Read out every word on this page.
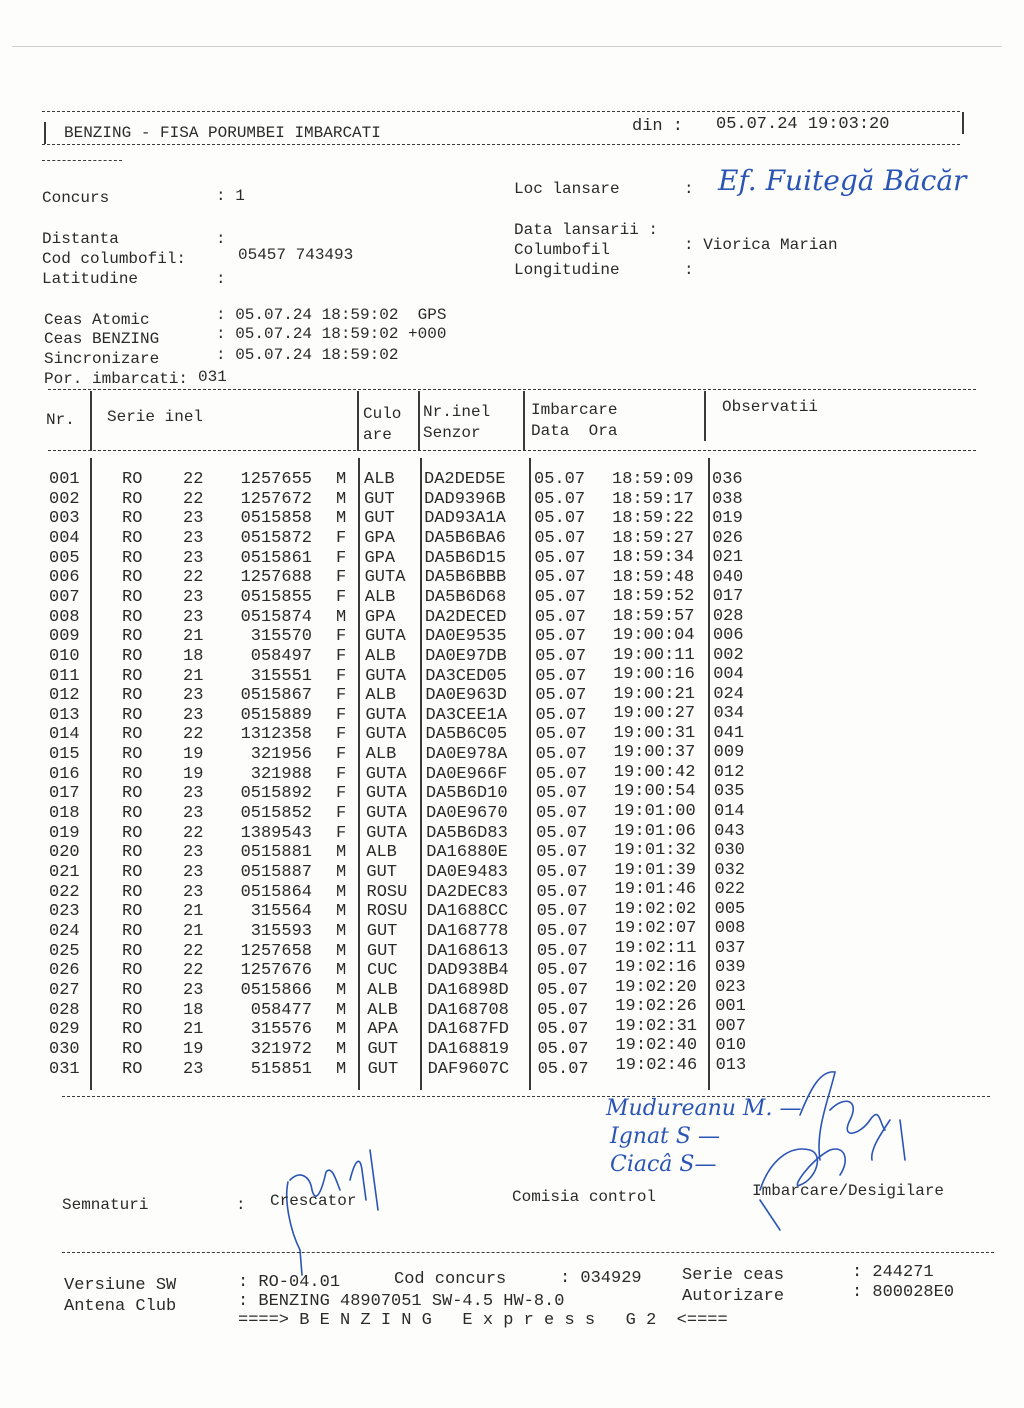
BENZING - FISA PORUMBEI IMBARCATI	din : 05.07.24 19:03:20
Concurs	: 1	Loc lansare	: Ef. Fuitegă Băcăr
Distanta	:
Cod columbofil:	05457 743493
Latitudine	:
Data lansarii :
Columbofil	: Viorica Marian
Longitudine	:
Ceas Atomic	: 05.07.24 18:59:02  GPS
Ceas BENZING	: 05.07.24 18:59:02 +000
Sincronizare	: 05.07.24 18:59:02
Por. imbarcati: 031
Nr. Serie inel	Culo
are
Nr.inel
Senzor
Imbarcare
Data  Ora
Observatii
001 RO 22	1257655 M ALB DA2DED5E 05.07 18:59:09 036
002 RO 22	1257672 M GUT DAD9396B 05.07 18:59:17 038
003 RO 23	0515858 M GUT DAD93A1A 05.07 18:59:22 019
004 RO 23	0515872 F GPA DA5B6BA6 05.07 18:59:27 026
005 RO 23	0515861 F GPA DA5B6D15 05.07 18:59:34 021
006 RO 22	1257688 F GUTA DA5B6BBB 05.07 18:59:48 040
007 RO 23	0515855 F ALB DA5B6D68 05.07 18:59:52 017
008 RO 23	0515874 M GPA DA2DECED 05.07 18:59:57 028
009 RO 21	315570 F GUTA DA0E9535 05.07 19:00:04 006
010 RO 18	058497 F ALB DA0E97DB 05.07 19:00:11 002
011 RO 21	315551 F GUTA DA3CED05 05.07 19:00:16 004
012 RO 23	0515867 F ALB DA0E963D 05.07 19:00:21 024
013 RO 23	0515889 F GUTA DA3CEE1A 05.07 19:00:27 034
014 RO 22	1312358 F GUTA DA5B6C05 05.07 19:00:31 041
015 RO 19	321956 F ALB DA0E978A 05.07 19:00:37 009
016 RO 19	321988 F GUTA DA0E966F 05.07 19:00:42 012
017 RO 23	0515892 F GUTA DA5B6D10 05.07 19:00:54 035
018 RO 23	0515852 F GUTA DA0E9670 05.07 19:01:00 014
019 RO 22	1389543 F GUTA DA5B6D83 05.07 19:01:06 043
020 RO 23	0515881 M ALB DA16880E 05.07 19:01:32 030
021 RO 23	0515887 M GUT DA0E9483 05.07 19:01:39 032
022 RO 23	0515864 M ROSU DA2DEC83 05.07 19:01:46 022
023 RO 21	315564 M ROSU DA1688CC 05.07 19:02:02 005
024 RO 21	315593 M GUT DA168778 05.07 19:02:07 008
025 RO 22	1257658 M GUT DA168613 05.07 19:02:11 037
026 RO 22	1257676 M CUC DAD938B4 05.07 19:02:16 039
027 RO 23	0515866 M ALB DA16898D 05.07 19:02:20 023
028 RO 18	058477 M ALB DA168708 05.07 19:02:26 001
029 RO 21	315576 M APA DA1687FD 05.07 19:02:31 007
030 RO 19	321972 M GUT DA168819 05.07 19:02:40 010
031 RO 23	515851 M GUT DAF9607C 05.07 19:02:46 013
Mudureanu M. —
Ignat S —
Ciacâ S—
Semnaturi	: Crescator	Comisia control	Imbarcare/Desigilare
Versiune SW	: RO-04.01	Cod concurs	: 034929 Serie ceas	: 244271
Antena Club	: BENZING 48907051 SW-4.5 HW-8.0	Autorizare	: 800028E0
====> B E N Z I N G   E x p r e s s   G 2  <====
